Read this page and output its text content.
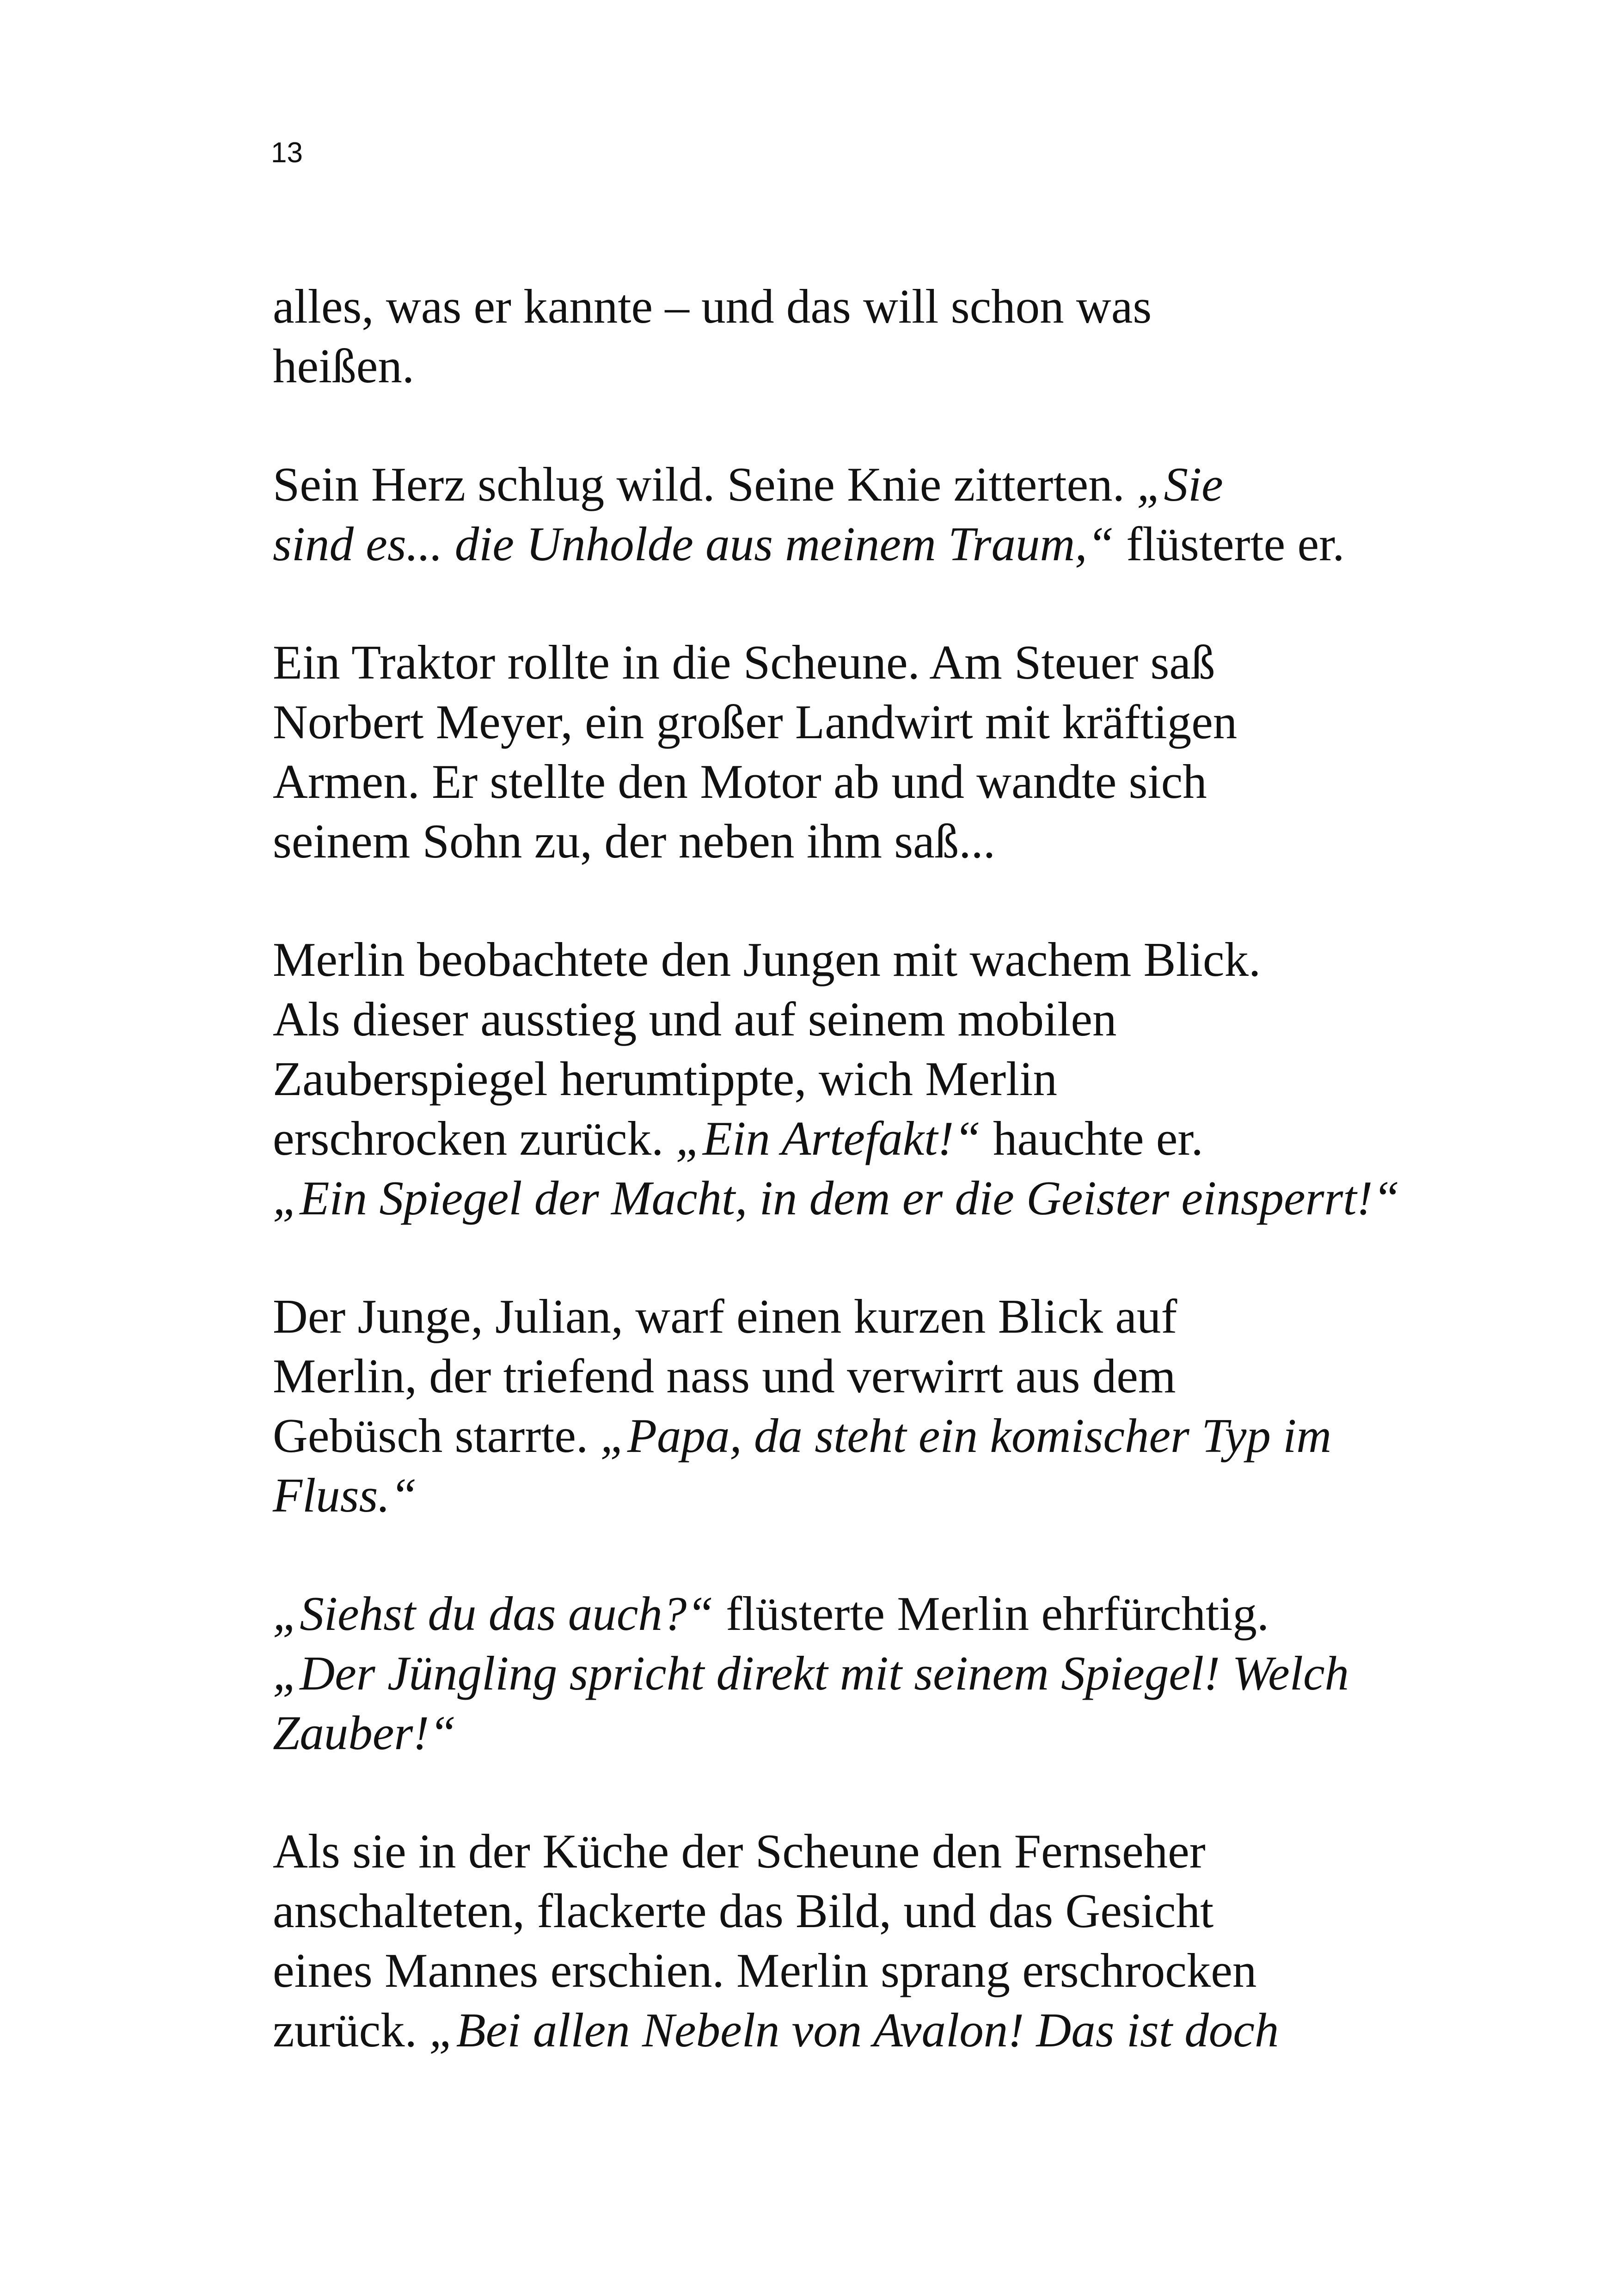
13

alles, was er kannte – und das will schon was
heißen.

Sein Herz schlug wild. Seine Knie zitterten. „Sie
sind es... die Unholde aus meinem Traum,“ flüsterte er.

Ein Traktor rollte in die Scheune. Am Steuer saß
Norbert Meyer, ein großer Landwirt mit kräftigen
Armen. Er stellte den Motor ab und wandte sich
seinem Sohn zu, der neben ihm saß...

Merlin beobachtete den Jungen mit wachem Blick.
Als dieser ausstieg und auf seinem mobilen
Zauberspiegel herumtippte, wich Merlin
erschrocken zurück. „Ein Artefakt!“ hauchte er.
„Ein Spiegel der Macht, in dem er die Geister einsperrt!“

Der Junge, Julian, warf einen kurzen Blick auf
Merlin, der triefend nass und verwirrt aus dem
Gebüsch starrte. „Papa, da steht ein komischer Typ im
Fluss.“

„Siehst du das auch?“ flüsterte Merlin ehrfürchtig.
„Der Jüngling spricht direkt mit seinem Spiegel! Welch
Zauber!“

Als sie in der Küche der Scheune den Fernseher
anschalteten, flackerte das Bild, und das Gesicht
eines Mannes erschien. Merlin sprang erschrocken
zurück. „Bei allen Nebeln von Avalon! Das ist doch
